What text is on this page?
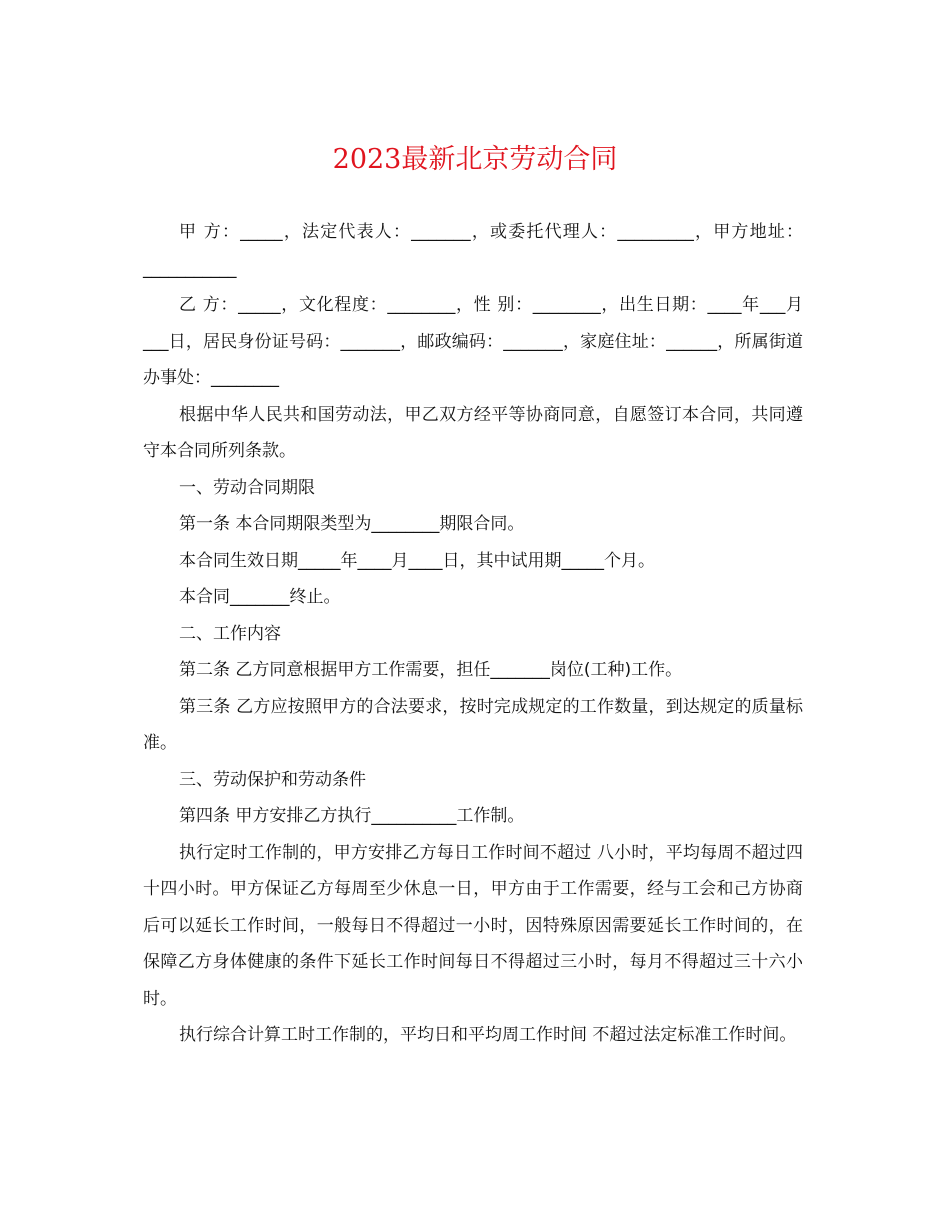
2023最新北京劳动合同

甲 方：_____，法定代表人：_______，或委托代理人：_________，甲方地址：___________

乙 方：_____，文化程度：________，性 别：________，出生日期：____年___月___日，居民身份证号码：_______，邮政编码：_______，家庭住址：______，所属街道办事处：________

根据中华人民共和国劳动法，甲乙双方经平等协商同意，自愿签订本合同，共同遵守本合同所列条款。

一、劳动合同期限

第一条 本合同期限类型为________期限合同。

本合同生效日期_____年____月____日，其中试用期_____个月。

本合同_______终止。

二、工作内容

第二条 乙方同意根据甲方工作需要，担任_______岗位(工种)工作。

第三条 乙方应按照甲方的合法要求，按时完成规定的工作数量，到达规定的质量标准。

三、劳动保护和劳动条件

第四条 甲方安排乙方执行__________工作制。

执行定时工作制的，甲方安排乙方每日工作时间不超过 八小时，平均每周不超过四十四小时。甲方保证乙方每周至少休息一日，甲方由于工作需要，经与工会和己方协商后可以延长工作时间，一般每日不得超过一小时，因特殊原因需要延长工作时间的，在保障乙方身体健康的条件下延长工作时间每日不得超过三小时，每月不得超过三十六小时。

执行综合计算工时工作制的，平均日和平均周工作时间 不超过法定标准工作时间。
